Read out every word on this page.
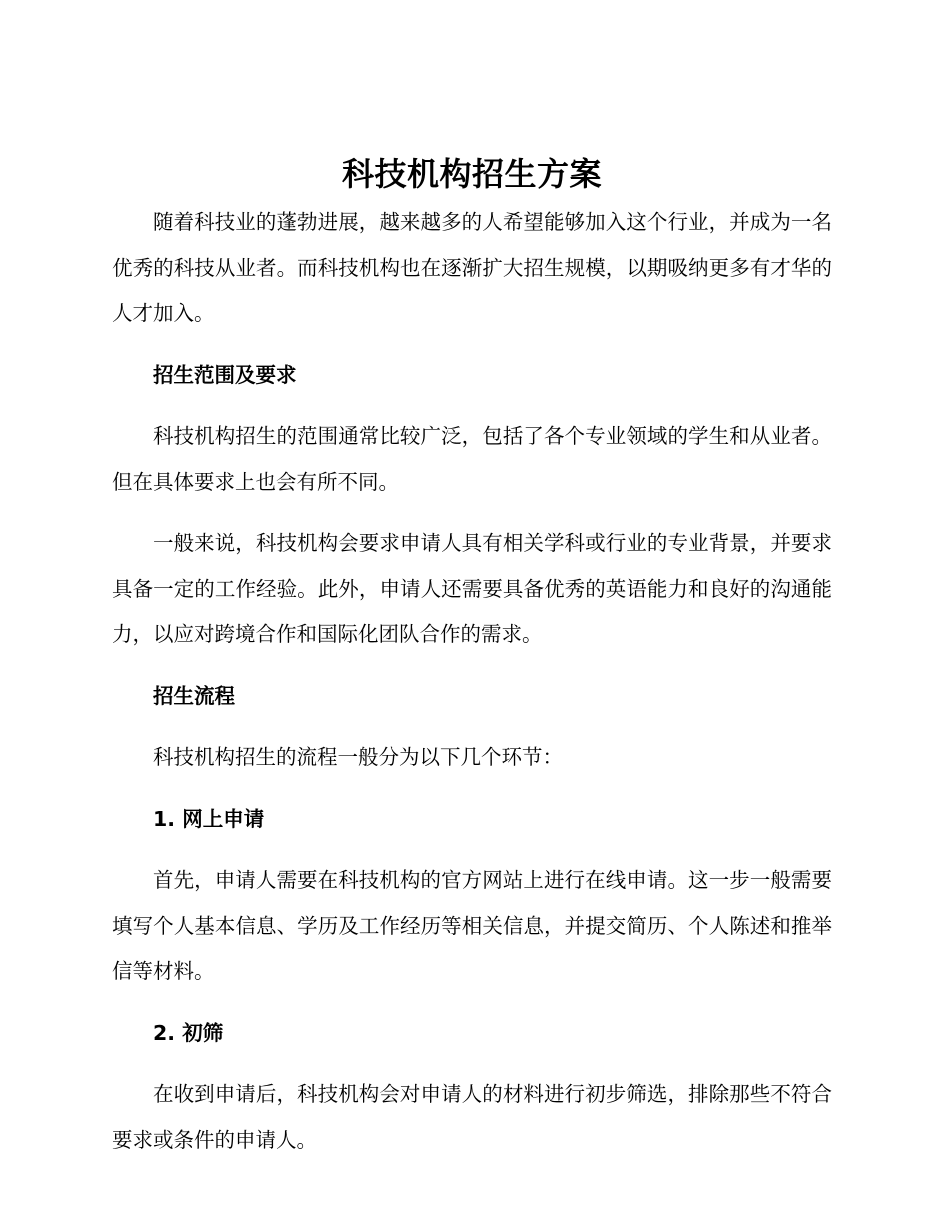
科技机构招生方案

随着科技业的蓬勃进展，越来越多的人希望能够加入这个行业，并成为一名优秀的科技从业者。而科技机构也在逐渐扩大招生规模，以期吸纳更多有才华的人才加入。

招生范围及要求

科技机构招生的范围通常比较广泛，包括了各个专业领域的学生和从业者。但在具体要求上也会有所不同。

一般来说，科技机构会要求申请人具有相关学科或行业的专业背景，并要求具备一定的工作经验。此外，申请人还需要具备优秀的英语能力和良好的沟通能力，以应对跨境合作和国际化团队合作的需求。

招生流程

科技机构招生的流程一般分为以下几个环节：

1. 网上申请

首先，申请人需要在科技机构的官方网站上进行在线申请。这一步一般需要填写个人基本信息、学历及工作经历等相关信息，并提交简历、个人陈述和推举信等材料。

2. 初筛

在收到申请后，科技机构会对申请人的材料进行初步筛选，排除那些不符合要求或条件的申请人。
